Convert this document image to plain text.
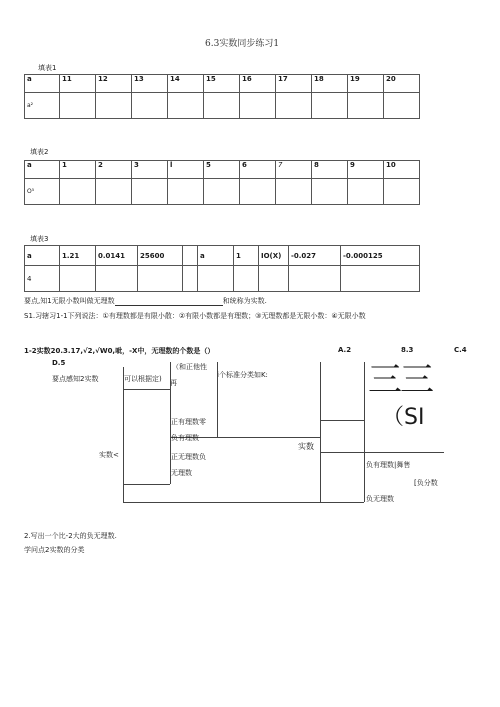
6.3实数同步练习1
填表1
a	11	12	13	14	15	16	17	18	19	20
a²										
填表2
a	1	2	3	l	5	6	7	8	9	10
O⁵										
填表3
a	1.21	0.0141	25600		a	1	IO(X)	-0.027	-0.000125
4									
要点,知1无限小数叫做无理数	和统称为实数.
S1.习辖习1-1下列说法：①有理数都是有限小散：②有限小数都是有理数；③无理数都是无限小数：④无限小数
1-2实数20.3.17,√2,√W0,呲，-X中，无理数的个数是（）	A.2	8.3	C.4
D.5
要点感知2实数	可以根据定)
（和正他性
再
i个标准分类如K:	三三
（SI
正有理数零
负有理数
正无理数负
无理数
实数<
实数
负有理数|舞售
[负分数
负无理数
2.写出一个比-2大的负无理数.
学问点2实数的分类
